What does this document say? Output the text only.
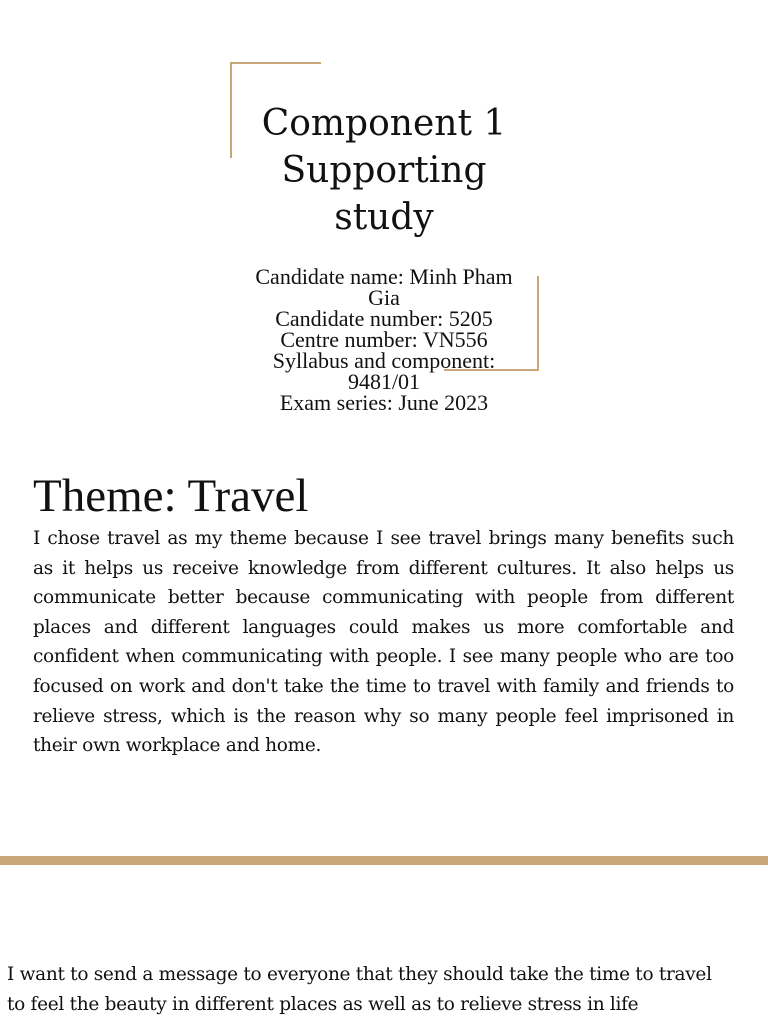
Component 1 Supporting study
Candidate name: Minh Pham Gia
Candidate number: 5205
Centre number: VN556
Syllabus and component: 9481/01
Exam series: June 2023
Theme: Travel

I chose travel as my theme because I see travel brings many benefits such as it helps us receive knowledge from different cultures. It also helps us communicate better because communicating with people from different places and different languages could makes us more comfortable and confident when communicating with people. I see many people who are too focused on work and don't take the time to travel with family and friends to relieve stress, which is the reason why so many people feel imprisoned in their own workplace and home.

I want to send a message to everyone that they should take the time to travel to feel the beauty in different places as well as to relieve stress in life
